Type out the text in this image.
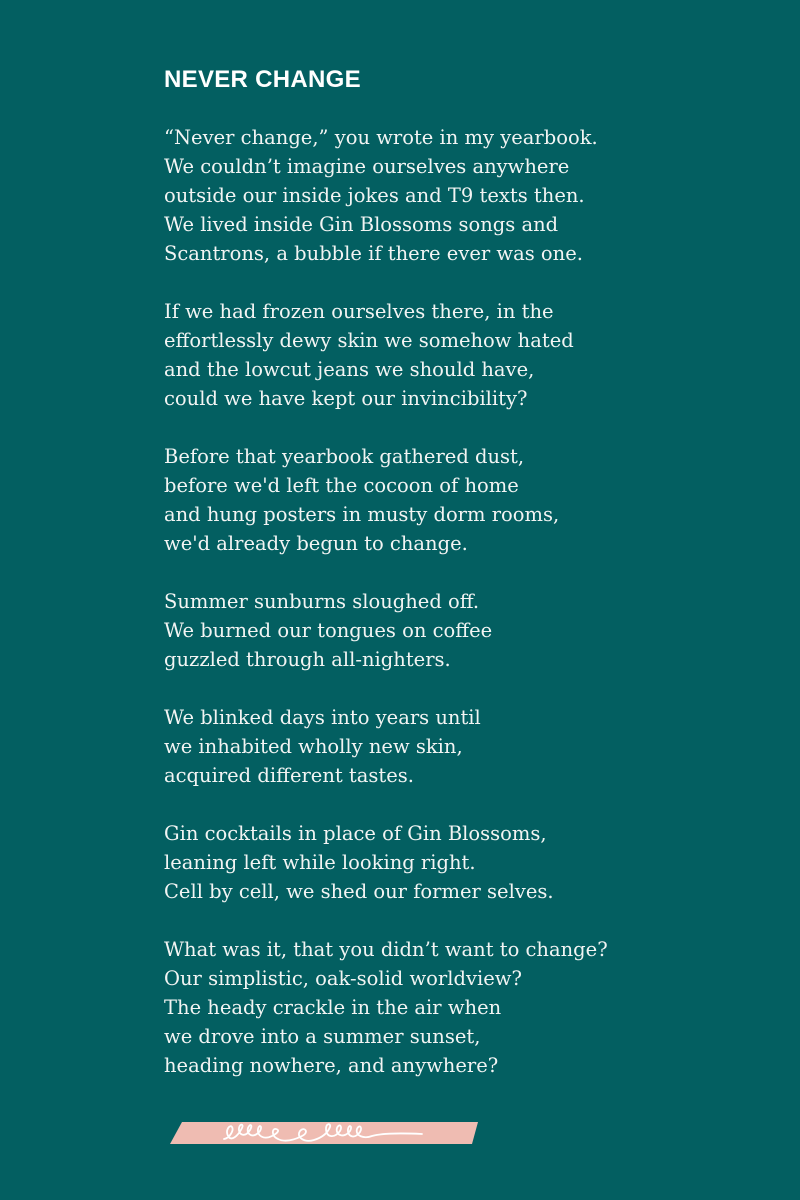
NEVER CHANGE
“Never change,” you wrote in my yearbook.
We couldn’t imagine ourselves anywhere
outside our inside jokes and T9 texts then.
We lived inside Gin Blossoms songs and
Scantrons, a bubble if there ever was one.
If we had frozen ourselves there, in the
effortlessly dewy skin we somehow hated
and the lowcut jeans we should have,
could we have kept our invincibility?
Before that yearbook gathered dust,
before we'd left the cocoon of home
and hung posters in musty dorm rooms,
we'd already begun to change.
Summer sunburns sloughed off.
We burned our tongues on coffee
guzzled through all-nighters.
We blinked days into years until
we inhabited wholly new skin,
acquired different tastes.
Gin cocktails in place of Gin Blossoms,
leaning left while looking right.
Cell by cell, we shed our former selves.
What was it, that you didn’t want to change?
Our simplistic, oak-solid worldview?
The heady crackle in the air when
we drove into a summer sunset,
heading nowhere, and anywhere?
